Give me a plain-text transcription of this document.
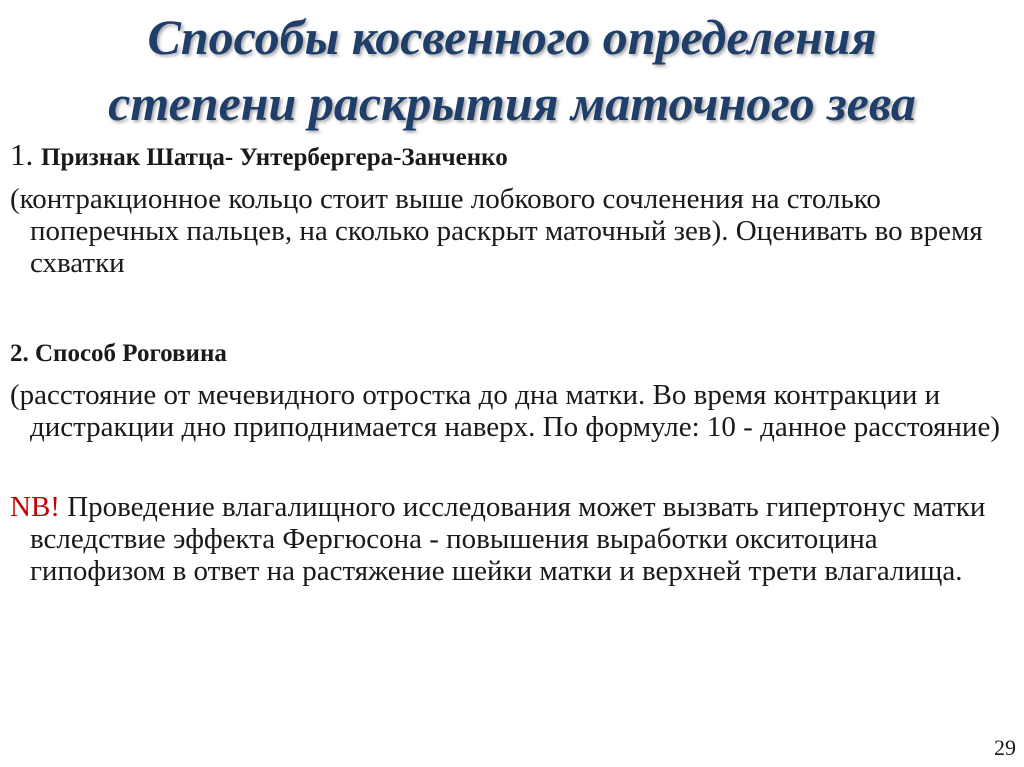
Способы косвенного определения
степени раскрытия маточного зева

1. Признак Шатца- Унтербергера-Занченко

(контракционное кольцо стоит выше лобкового сочленения на столько поперечных пальцев, на сколько раскрыт маточный зев). Оценивать во время схватки

2. Способ Роговина

(расстояние от мечевидного отростка до дна матки. Во время контракции и дистракции дно приподнимается наверх. По формуле: 10 - данное расстояние)

NB! Проведение влагалищного исследования может вызвать гипертонус матки вследствие эффекта Фергюсона - повышения выработки окситоцина гипофизом в ответ на растяжение шейки матки и верхней трети влагалища.

29
